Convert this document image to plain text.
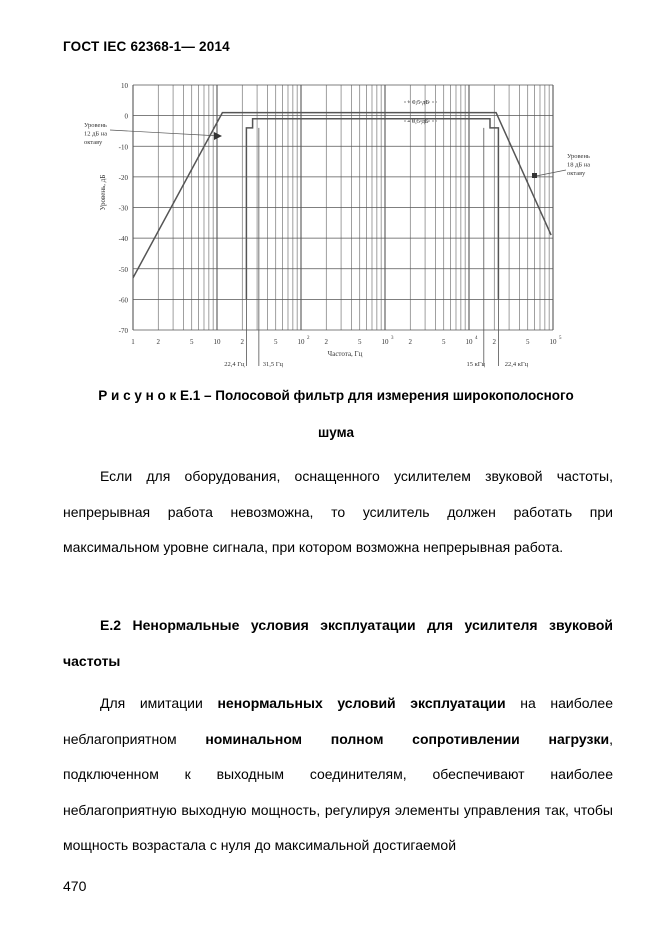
ГОСТ IEC 62368-1— 2014
10
0
-10
-20
-30
-40
-50
-60
-70
1	2	5	10	2	5	10 2 2	5	10 3 2	5	10 4 2	5	10 5
Частота, Гц
Уровень, дБ
22,4 Гц	31,5 Гц	15 кГц	22,4 кГц
+ 0,5 дБ
– 0,5 дБ
Уровень
12 дБ на
октаву
Уровень
18 дБ на
октаву
Р и с у н о к Е.1 – Полосовой фильтр для измерения широкополосного
шума
Если для оборудования, оснащенного усилителем звуковой частоты, непрерывная работа невозможна, то усилитель должен работать при максимальном уровне сигнала, при котором возможна непрерывная работа.
Е.2 Ненормальные условия эксплуатации для усилителя звуковой частоты
Для имитации ненормальных условий эксплуатации на наиболее неблагоприятном номинальном полном сопротивлении нагрузки, подключенном к выходным соединителям, обеспечивают наиболее неблагоприятную выходную мощность, регулируя элементы управления так, чтобы мощность возрастала с нуля до максимальной достигаемой
470
